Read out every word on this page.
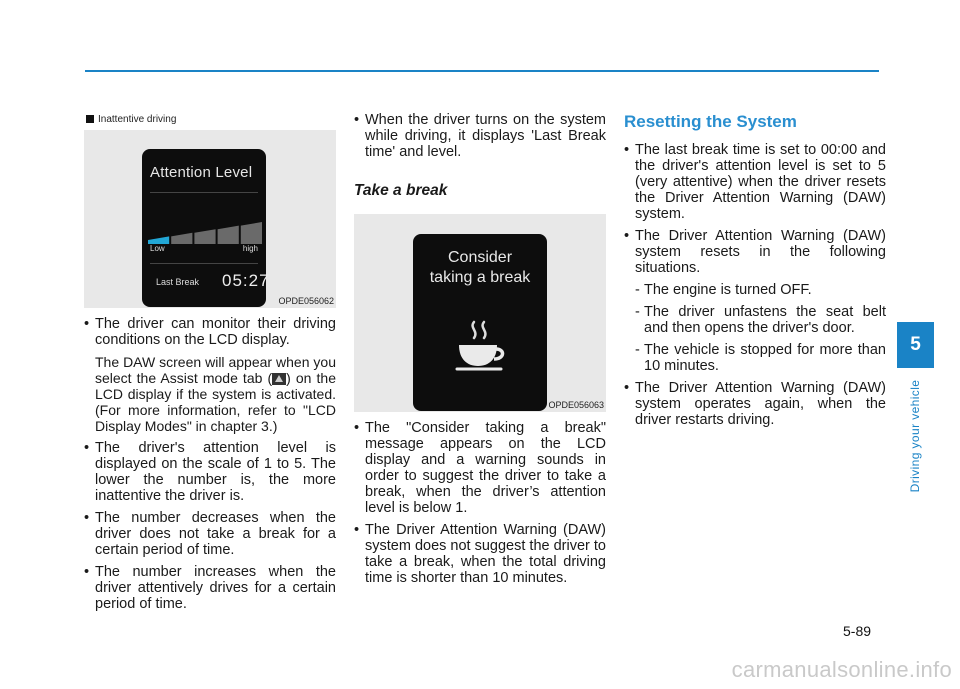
Inattentive driving
Attention Level
Low	high
Last Break 05:27
OPDE056062
• The driver can monitor their driving conditions on the LCD display.

The DAW screen will appear when you select the Assist mode tab ( ) on the LCD display if the system is activated. (For more information, refer to "LCD Display Modes" in chapter 3.)

• The driver's attention level is displayed on the scale of 1 to 5. The lower the number is, the more inattentive the driver is.
• The number decreases when the driver does not take a break for a certain period of time.
• The number increases when the driver attentively drives for a certain period of time.
• When the driver turns on the system while driving, it displays 'Last Break time' and level.
Take a break
Consider
taking a break
OPDE056063
• The "Consider taking a break" message appears on the LCD display and a warning sounds in order to suggest the driver to take a break, when the driver’s attention level is below 1.
• The Driver Attention Warning (DAW) system does not suggest the driver to take a break, when the total driving time is shorter than 10 minutes.
Resetting the System
• The last break time is set to 00:00 and the driver's attention level is set to 5 (very attentive) when the driver resets the Driver Attention Warning (DAW) system.
• The Driver Attention Warning (DAW) system resets in the following situations.
- The engine is turned OFF.
- The driver unfastens the seat belt and then opens the driver's door.
- The vehicle is stopped for more than 10 minutes.
• The Driver Attention Warning (DAW) system operates again, when the driver restarts driving.
5
Driving your vehicle
5-89
carmanualsonline.info
